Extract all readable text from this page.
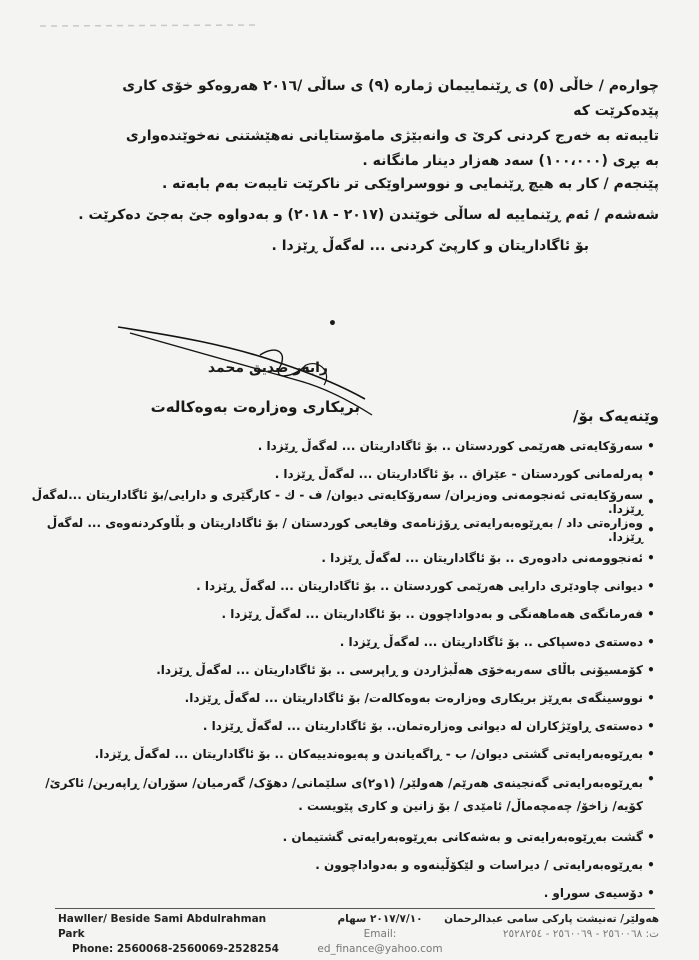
چوارەم / خاڵی (٥) ی ڕێنماییمان ژمارە (٩) ی ساڵی /٢٠١٦ هەروەکو خۆی کاری پێدەکرێت کە
تایبەتە بە خەرج کردنی کرێ ی وانەبێژی مامۆستایانی نەهێشتنی نەخوێندەواری
بە بڕی (١٠٠،٠٠٠) سەد هەزار دینار مانگانە .
پێنجەم / کار بە هیچ ڕێنمایی و نووسراوێکی تر ناکرێت تایبەت بەم بابەتە .
شەشەم / ئەم ڕێنماییە لە ساڵی خوێندن (٢٠١٧ - ٢٠١٨) و بەدواوە جێ بەجێ دەکرێت .
بۆ ئاگاداریتان و کارپێ کردنی ... لەگەڵ ڕێزدا .
•
رابەر صدیق محمد
بریکاری وەزارەت بەوەکالەت	وێنەیەک بۆ/
•
سەرۆکایەتی هەرێمی کوردستان .. بۆ ئاگاداریتان ... لەگەڵ ڕێزدا .
•
پەرلەمانی کوردستان - عێراق .. بۆ ئاگاداریتان ... لەگەڵ ڕێزدا .
•
سەرۆکایەتی ئەنجومەنی وەزیران/ سەرۆکایەتی دیوان/ ف - ك - کارگێری و دارایی/بۆ ئاگاداریتان ...لەگەڵ ڕێزدا.
•
وەزارەتی داد / بەڕێوەبەرایەتی ڕۆژنامەی وقایعی کوردستان / بۆ ئاگاداریتان و بڵاوکردنەوەی ... لەگەڵ ڕێزدا.
•
ئەنجوومەنی دادوەری .. بۆ ئاگاداریتان ... لەگەڵ ڕێزدا .
•
دیوانی چاودێری دارایی هەرێمی کوردستان .. بۆ ئاگاداریتان ... لەگەڵ ڕێزدا .
•
فەرمانگەی هەماهەنگی و بەدواداچوون .. بۆ ئاگاداریتان ... لەگەڵ ڕێزدا .
•
دەستەی دەسپاکی .. بۆ ئاگاداریتان ... لەگەڵ ڕێزدا .
•
کۆمسیۆنی باڵای سەربەخۆی هەڵبژاردن و ڕاپرسی .. بۆ ئاگاداریتان ... لەگەڵ ڕێزدا.
•
نووسینگەی بەڕێز بریکاری وەزارەت بەوەکالەت/ بۆ ئاگاداریتان ... لەگەڵ ڕێزدا.
•
دەستەی ڕاوێژکاران لە دیوانی وەزارەتمان.. بۆ ئاگاداریتان ... لەگەڵ ڕێزدا .
•
بەڕێوەبەرایەتی گشتی دیوان/ ب - ڕاگەیاندن و پەیوەندییەکان .. بۆ ئاگاداریتان ... لەگەڵ ڕێزدا.
•
بەڕێوەبەرایەتی گەنجینەی هەرێم/ هەولێر/ (١و٢)ی سلێمانی/ دهۆک/ گەرمیان/ سۆران/ ڕاپەرین/ ئاکرێ/ کۆیە/ زاخۆ/ چەمچەماڵ/ ئامێدی / بۆ زانین و کاری پێویست .
•
گشت بەڕێوەبەرایەتی و بەشەکانی بەڕێوەبەرایەتی گشتیمان .
•
بەڕێوەبەرایەتی / دیراسات و لێکۆڵینەوە و بەدواداچوون .
•
دۆسیەی سوراو .
Hawller/ Beside Sami Abdulrahman Park
Phone: 2560068-2560069-2528254
٢٠١٧/٧/١٠ سهام
Email: ed_finance@yahoo.com
هەولێر/ تەنیشت پارکی سامی عبدالرحمان
ت: ٢٥٦٠٠٦٨ - ٢٥٦٠٠٦٩ - ٢٥٢٨٢٥٤
